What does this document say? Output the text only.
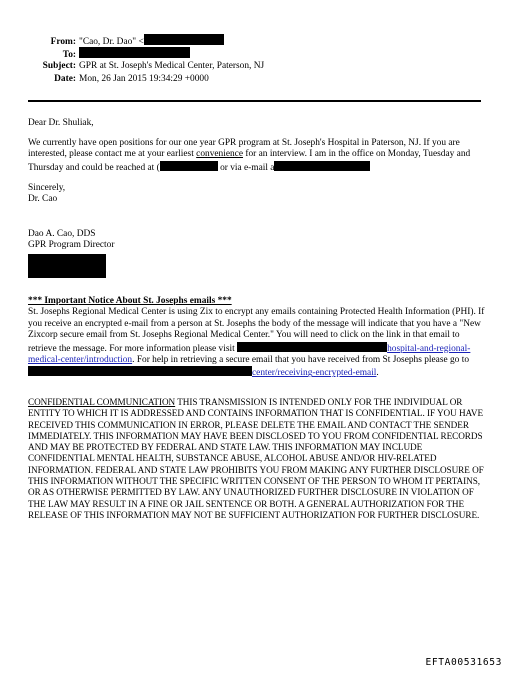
From: "Cao, Dr. Dao" <
To:
Subject: GPR at St. Joseph's Medical Center, Paterson, NJ
Date: Mon, 26 Jan 2015 19:34:29 +0000

Dear Dr. Shuliak,

We currently have open positions for our one year GPR program at St. Joseph's Hospital in Paterson, NJ. If you are interested, please contact me at your earliest convenience for an interview. I am in the office on Monday, Tuesday and Thursday and could be reached at (	or via e-mail a

Sincerely,

Dr. Cao

Dao A. Cao, DDS

GPR Program Director

*** Important Notice About St. Josephs emails ***

St. Josephs Regional Medical Center is using Zix to encrypt any emails containing Protected Health Information (PHI). If you receive an encrypted e-mail from a person at St. Josephs the body of the message will indicate that you have a "New Zixcorp secure email from St. Josephs Regional Medical Center." You will need to click on the link in that email to retrieve the message. For more information please visit	hospital-and-regional-medical-center/introduction. For help in retrieving a secure email that you have received from St Josephs please go to center/receiving-encrypted-email.

CONFIDENTIAL COMMUNICATION THIS TRANSMISSION IS INTENDED ONLY FOR THE INDIVIDUAL OR ENTITY TO WHICH IT IS ADDRESSED AND CONTAINS INFORMATION THAT IS CONFIDENTIAL. IF YOU HAVE RECEIVED THIS COMMUNICATION IN ERROR, PLEASE DELETE THE EMAIL AND CONTACT THE SENDER IMMEDIATELY. THIS INFORMATION MAY HAVE BEEN DISCLOSED TO YOU FROM CONFIDENTIAL RECORDS AND MAY BE PROTECTED BY FEDERAL AND STATE LAW. THIS INFORMATION MAY INCLUDE CONFIDENTIAL MENTAL HEALTH, SUBSTANCE ABUSE, ALCOHOL ABUSE AND/OR HIV-RELATED INFORMATION. FEDERAL AND STATE LAW PROHIBITS YOU FROM MAKING ANY FURTHER DISCLOSURE OF THIS INFORMATION WITHOUT THE SPECIFIC WRITTEN CONSENT OF THE PERSON TO WHOM IT PERTAINS, OR AS OTHERWISE PERMITTED BY LAW. ANY UNAUTHORIZED FURTHER DISCLOSURE IN VIOLATION OF THE LAW MAY RESULT IN A FINE OR JAIL SENTENCE OR BOTH. A GENERAL AUTHORIZATION FOR THE RELEASE OF THIS INFORMATION MAY NOT BE SUFFICIENT AUTHORIZATION FOR FURTHER DISCLOSURE.

EFTA00531653
